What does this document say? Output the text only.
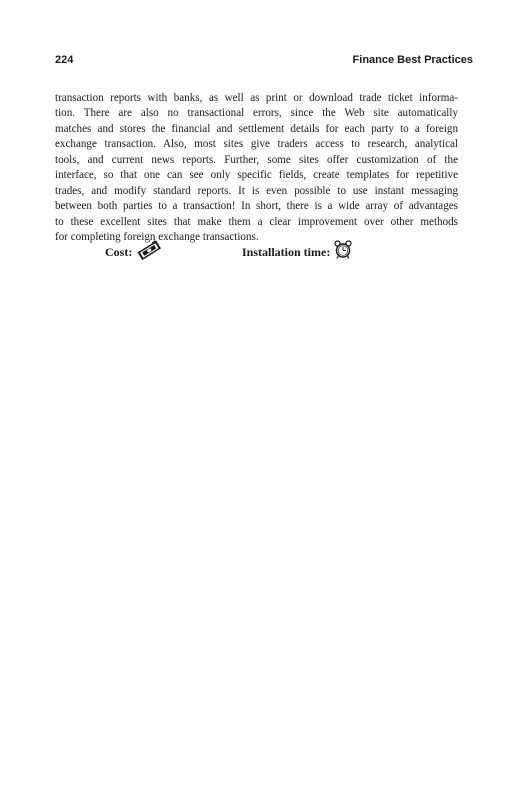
224	Finance Best Practices
transaction reports with banks, as well as print or download trade ticket informa-
tion. There are also no transactional errors, since the Web site automatically
matches and stores the financial and settlement details for each party to a foreign
exchange transaction. Also, most sites give traders access to research, analytical
tools, and current news reports. Further, some sites offer customization of the
interface, so that one can see only specific fields, create templates for repetitive
trades, and modify standard reports. It is even possible to use instant messaging
between both parties to a transaction! In short, there is a wide array of advantages
to these excellent sites that make them a clear improvement over other methods
for completing foreign exchange transactions.
Cost:	Installation time:
